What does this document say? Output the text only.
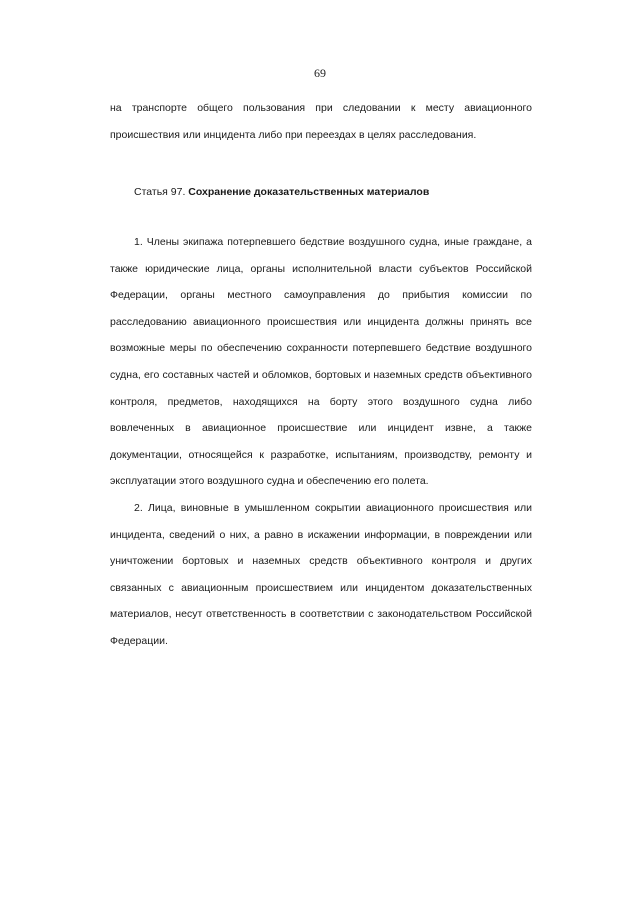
69
на транспорте общего пользования при следовании к месту авиационного происшествия или инцидента либо при переездах в целях расследования.
Статья 97. Сохранение доказательственных материалов

1. Члены экипажа потерпевшего бедствие воздушного судна, иные граждане, а также юридические лица, органы исполнительной власти субъектов Российской Федерации, органы местного самоуправления до прибытия комиссии по расследованию авиационного происшествия или инцидента должны принять все возможные меры по обеспечению сохранности потерпевшего бедствие воздушного судна, его составных частей и обломков, бортовых и наземных средств объективного контроля, предметов, находящихся на борту этого воздушного судна либо вовлеченных в авиационное происшествие или инцидент извне, а также документации, относящейся к разработке, испытаниям, производству, ремонту и эксплуатации этого воздушного судна и обеспечению его полета.

2. Лица, виновные в умышленном сокрытии авиационного происшествия или инцидента, сведений о них, а равно в искажении информации, в повреждении или уничтожении бортовых и наземных средств объективного контроля и других связанных с авиационным происшествием или инцидентом доказательственных материалов, несут ответственность в соответствии с законодательством Российской Федерации.
